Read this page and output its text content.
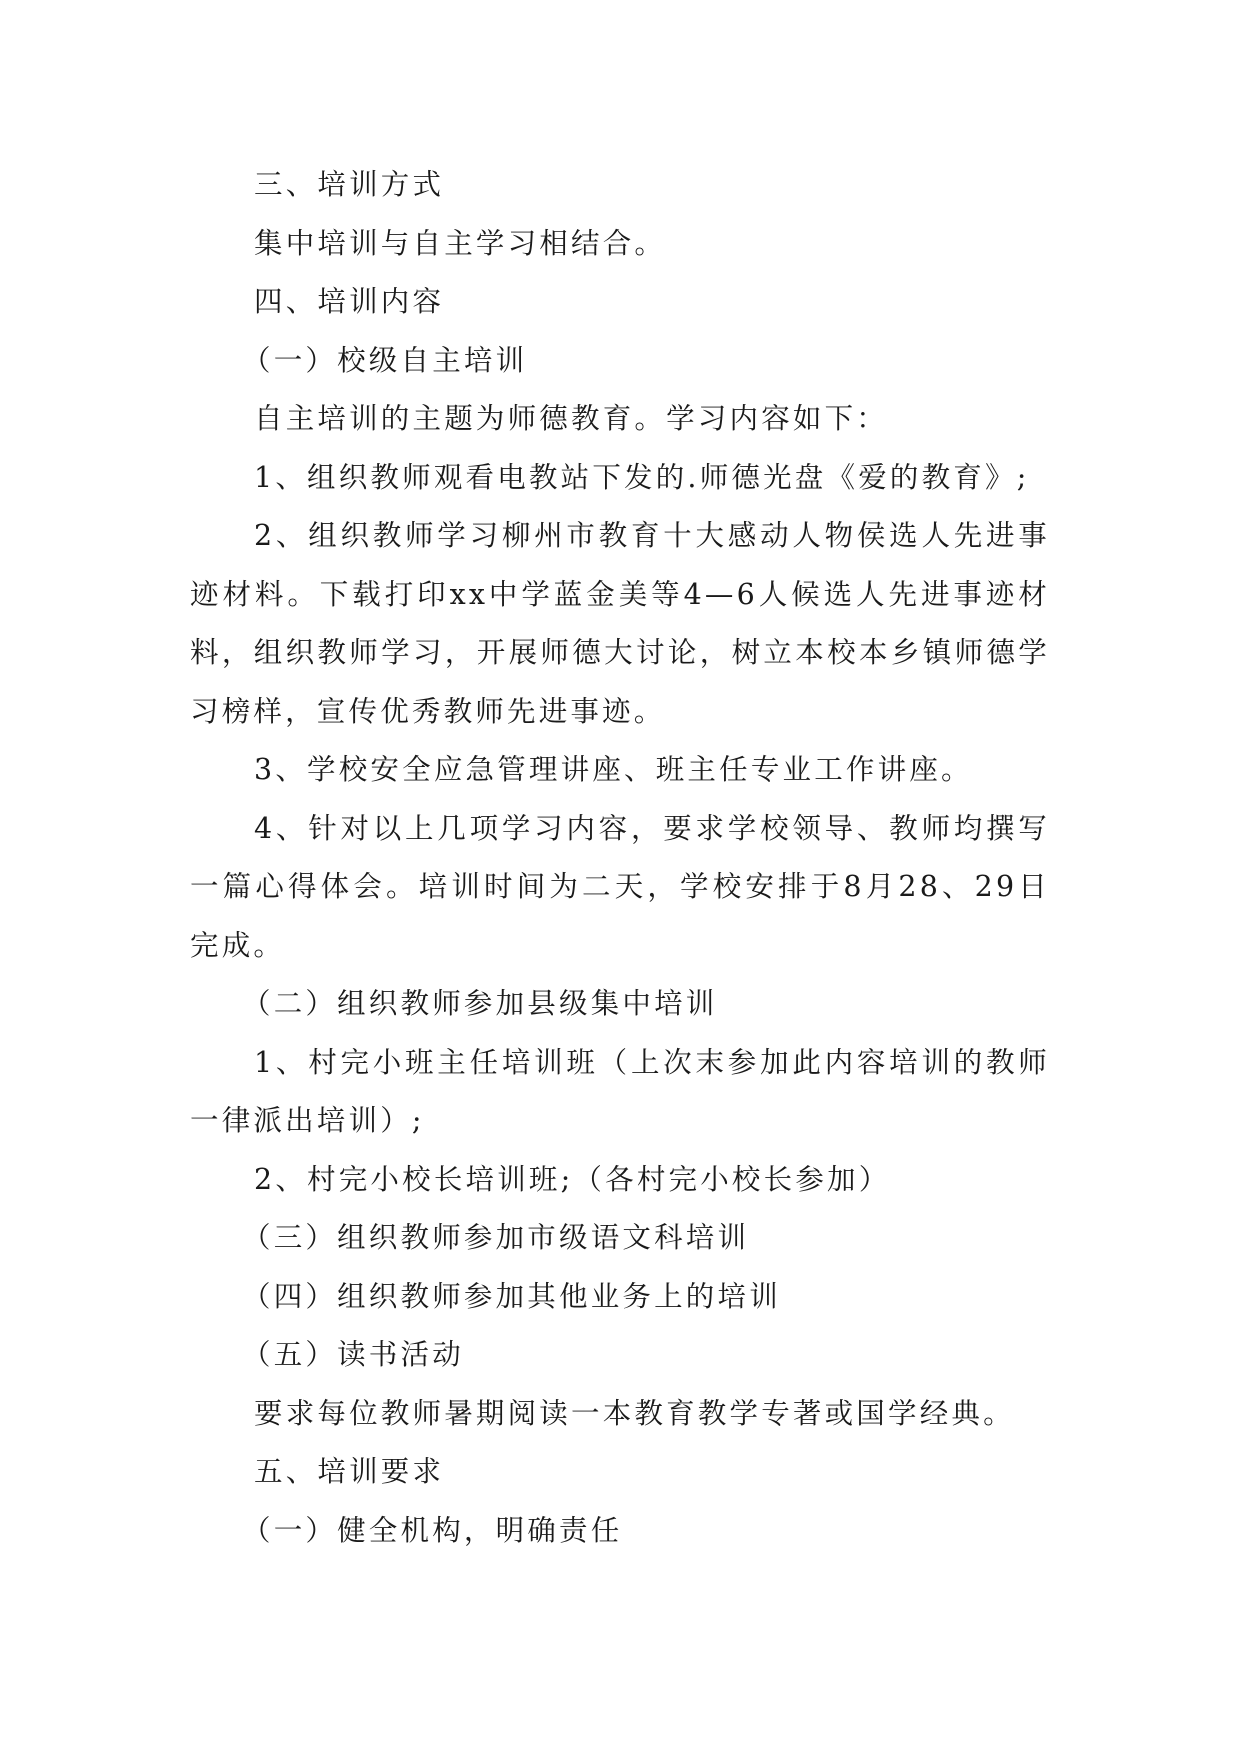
三、培训方式

集中培训与自主学习相结合。

四、培训内容

（一）校级自主培训

自主培训的主题为师德教育。学习内容如下：

1、组织教师观看电教站下发的.师德光盘《爱的教育》;

2、组织教师学习柳州市教育十大感动人物侯选人先进事迹材料。下载打印xx中学蓝金美等4—6人候选人先进事迹材料，组织教师学习，开展师德大讨论，树立本校本乡镇师德学习榜样，宣传优秀教师先进事迹。

3、学校安全应急管理讲座、班主任专业工作讲座。

4、针对以上几项学习内容，要求学校领导、教师均撰写一篇心得体会。培训时间为二天，学校安排于8月28、29日完成。

（二）组织教师参加县级集中培训

1、村完小班主任培训班（上次末参加此内容培训的教师一律派出培训）;

2、村完小校长培训班;（各村完小校长参加）

（三）组织教师参加市级语文科培训

（四）组织教师参加其他业务上的培训

（五）读书活动

要求每位教师暑期阅读一本教育教学专著或国学经典。

五、培训要求

（一）健全机构，明确责任
